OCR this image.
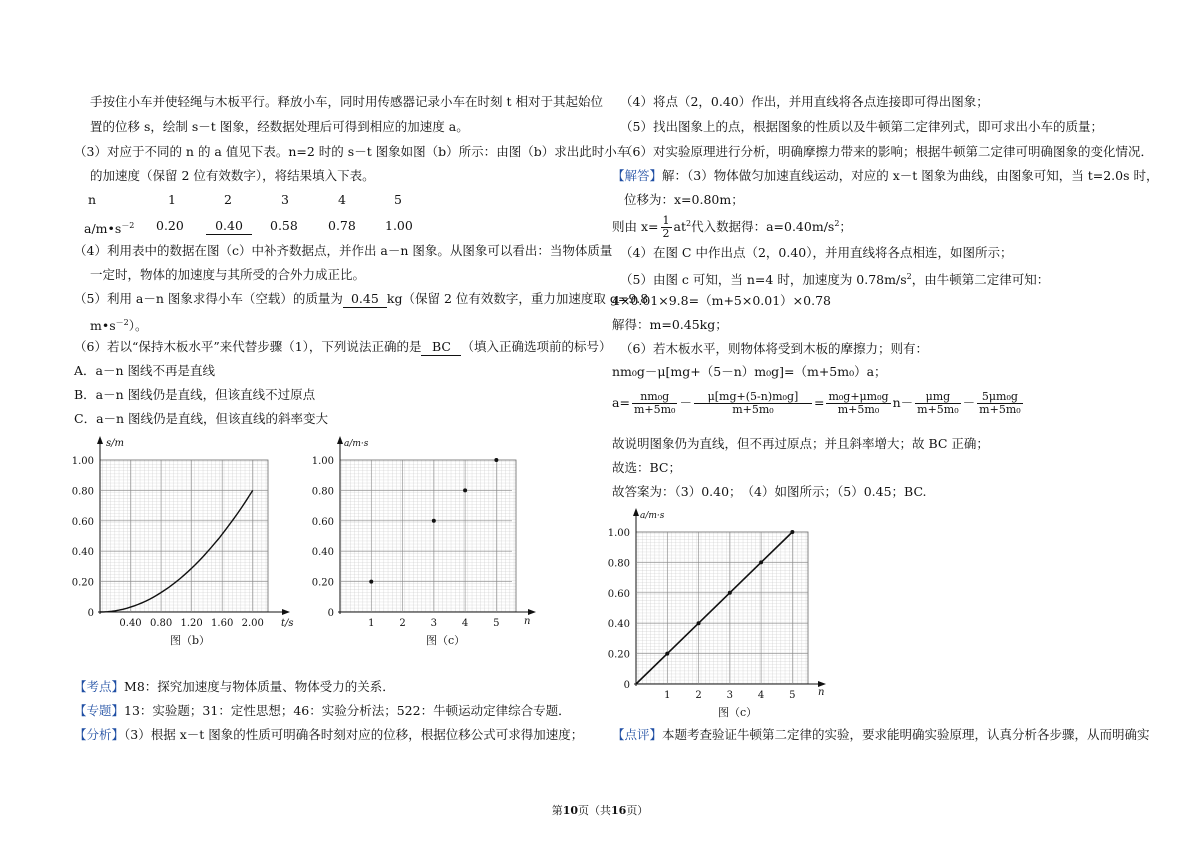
手按住小车并使轻绳与木板平行。释放小车，同时用传感器记录小车在时刻 t 相对于其起始位
置的位移 s，绘制 s－t 图象，经数据处理后可得到相应的加速度 a。
（3）对应于不同的 n 的 a 值见下表。n=2 时的 s－t 图象如图（b）所示：由图（b）求出此时小车
的加速度（保留 2 位有效数字），将结果填入下表。
n	1	2	3	4	5
$a/m•s^{-2}$ 0.20	0.40	0.58 0.78 1.00
（4）利用表中的数据在图（c）中补齐数据点，并作出 a－n 图象。从图象可以看出：当物体质量
一定时，物体的加速度与其所受的合外力成正比。
（5）利用 a－n 图象求得小车（空载）的质量为 0.45 kg（保留 2 位有效数字，重力加速度取 g=9.8
$m•s^{-2}$）。
（6）若以“保持木板水平”来代替步骤（1），下列说法正确的是 BC （填入正确选项前的标号）
A．a－n 图线不再是直线
B．a－n 图线仍是直线，但该直线不过原点
C．a－n 图线仍是直线，但该直线的斜率变大
【考点】M8：探究加速度与物体质量、物体受力的关系．
【专题】13：实验题；31：定性思想；46：实验分析法；522：牛顿运动定律综合专题．
【分析】（3）根据 x－t 图象的性质可明确各时刻对应的位移，根据位移公式可求得加速度；
s/m
t/s
1.00
0.80
0.60
0.40
0.20
0
0.40 0.80 1.20 1.60 2.00
图（b）
a/m·s
n
1.00
0.80
0.60
0.40
0.20
0
1 2 3 4 5
图（c）
（4）将点（2，0.40）作出，并用直线将各点连接即可得出图象；
（5）找出图象上的点，根据图象的性质以及牛顿第二定律列式，即可求出小车的质量；
（6）对实验原理进行分析，明确摩擦力带来的影响；根据牛顿第二定律可明确图象的变化情况．
【解答】解：（3）物体做匀加速直线运动，对应的 x－t 图象为曲线，由图象可知，当 t=2.0s 时，
位移为：x=0.80m；
则由 $x= \frac{1}{2} at^2$代入数据得：$a=0.40m/s^2$；
（4）在图 C 中作出点（2，0.40），并用直线将各点相连，如图所示；
（5）由图 c 可知，当 n=4 时，加速度为 $0.78m/s^2$，由牛顿第二定律可知：
4×0.01×9.8=（m+5×0.01）×0.78
解得：m=0.45kg；
（6）若木板水平，则物体将受到木板的摩擦力；则有：
nm₀g－μ[mg+（5－n）m₀g]=（m+5m₀）a；
$a= \frac{\text{nm₀g}}{\text{m+5m₀}} - \frac{\text{μ[mg+(5-n)m₀g]}}{\text{m+5m₀}} = \frac{\text{m₀g+μm₀g}}{\text{m+5m₀}} n- \frac{\text{μmg}}{\text{m+5m₀}} - \frac{\text{5μm₀g}}{\text{m+5m₀}}$
故说明图象仍为直线，但不再过原点；并且斜率增大；故 BC 正确；
故选：BC；
故答案为：（3）0.40；　（4）如图所示；（5）0.45；BC.
【点评】本题考查验证牛顿第二定律的实验，要求能明确实验原理，认真分析各步骤，从而明确实
a/m·s
n
1.00
0.80
0.60
0.40
0.20
0
1 2 3 4 5
图（c）
第10页（共16页）
